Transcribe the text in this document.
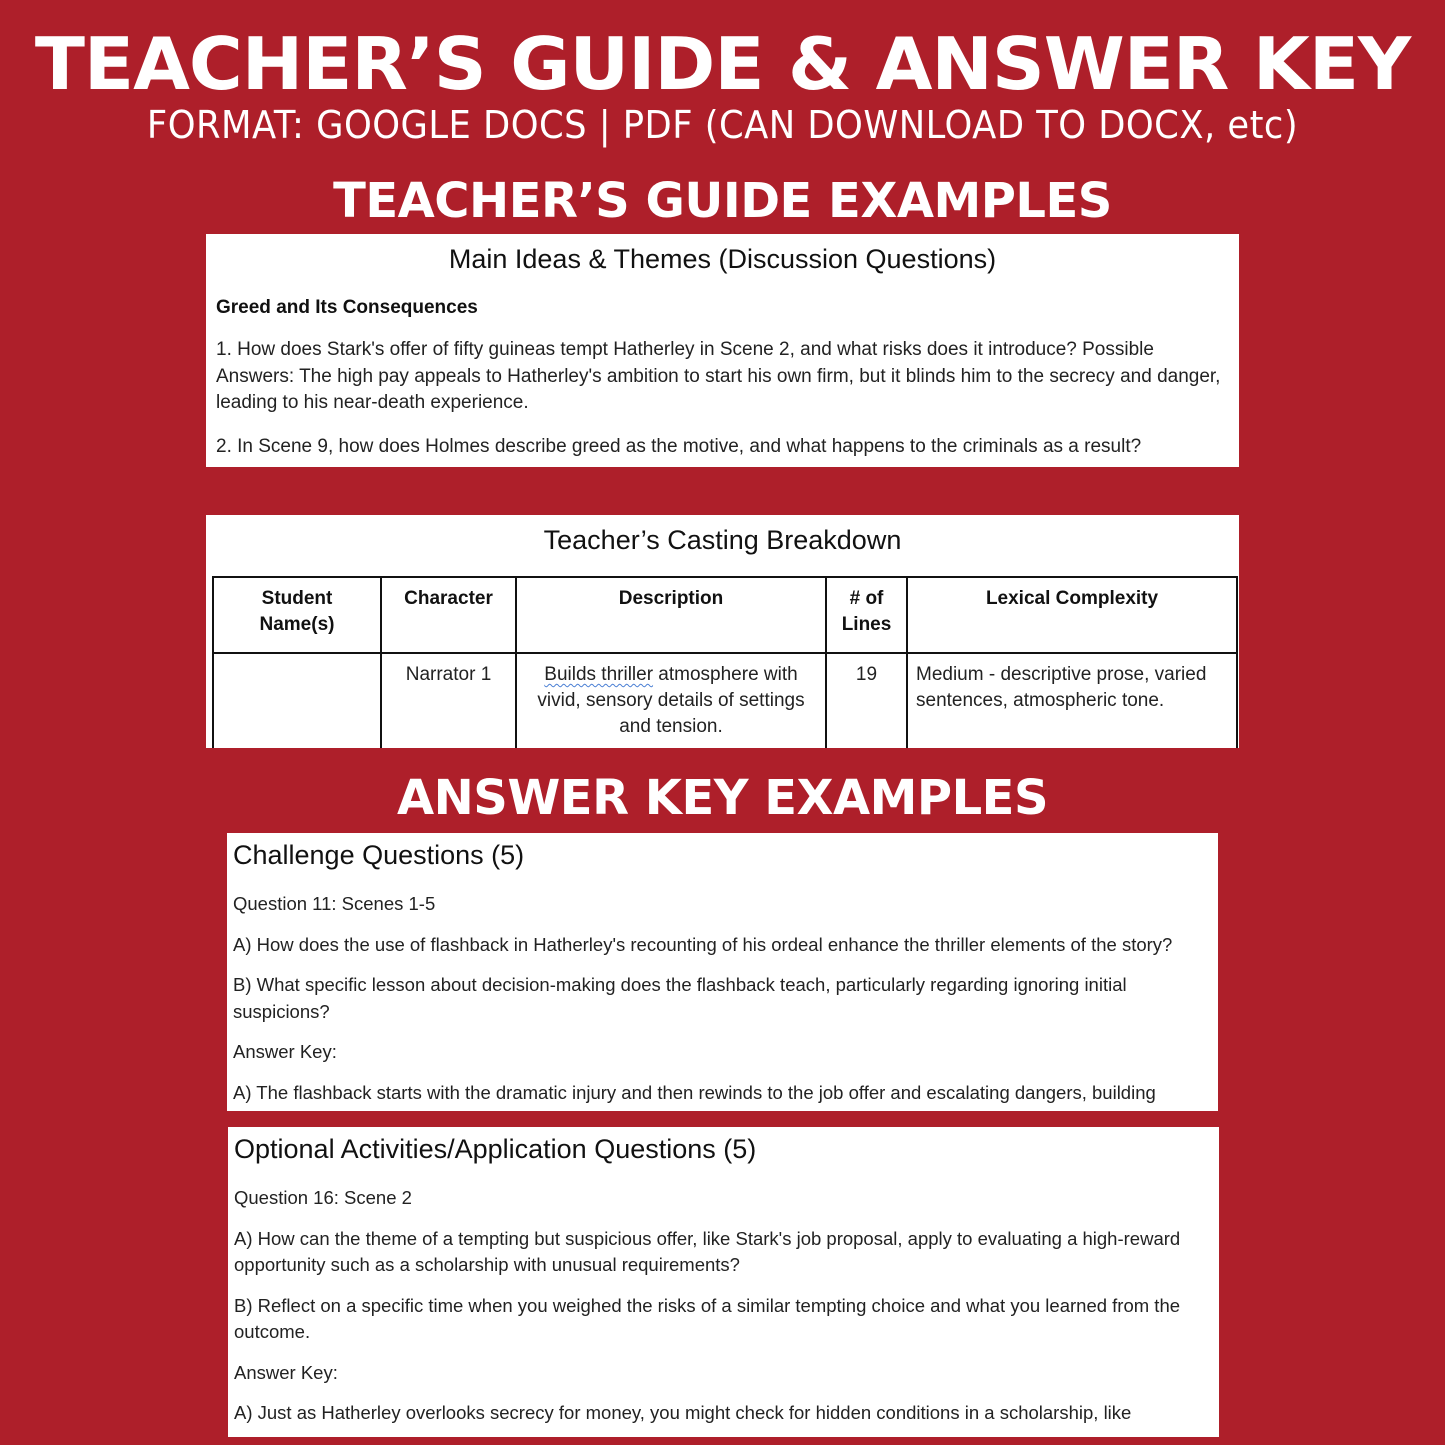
TEACHER’S GUIDE & ANSWER KEY
FORMAT: GOOGLE DOCS | PDF (CAN DOWNLOAD TO DOCX, etc)
TEACHER’S GUIDE EXAMPLES
Main Ideas & Themes (Discussion Questions)
Greed and Its Consequences
1. How does Stark's offer of fifty guineas tempt Hatherley in Scene 2, and what risks does it introduce? Possible Answers: The high pay appeals to Hatherley's ambition to start his own firm, but it blinds him to the secrecy and danger, leading to his near-death experience.
2. In Scene 9, how does Holmes describe greed as the motive, and what happens to the criminals as a result?
Teacher’s Casting Breakdown
Student Name(s)	Character	Description	# of Lines	Lexical Complexity
	Narrator 1	Builds thriller atmosphere with vivid, sensory details of settings and tension.	19	Medium - descriptive prose, varied sentences, atmospheric tone.
ANSWER KEY EXAMPLES
Challenge Questions (5)
Question 11: Scenes 1-5
A) How does the use of flashback in Hatherley's recounting of his ordeal enhance the thriller elements of the story?
B) What specific lesson about decision-making does the flashback teach, particularly regarding ignoring initial suspicions?
Answer Key:
A) The flashback starts with the dramatic injury and then rewinds to the job offer and escalating dangers, building
Optional Activities/Application Questions (5)
Question 16: Scene 2
A) How can the theme of a tempting but suspicious offer, like Stark's job proposal, apply to evaluating a high-reward opportunity such as a scholarship with unusual requirements?
B) Reflect on a specific time when you weighed the risks of a similar tempting choice and what you learned from the outcome.
Answer Key:
A) Just as Hatherley overlooks secrecy for money, you might check for hidden conditions in a scholarship, like
